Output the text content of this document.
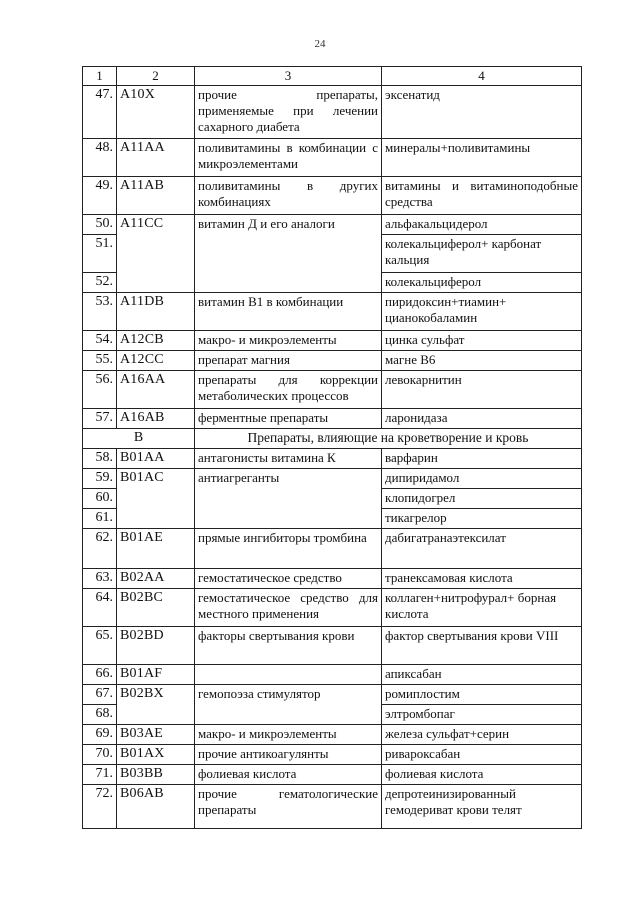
24
1	2	3	4
47.	A10X	прочие препараты, применяемые при лечении сахарного диабета	эксенатид
48.	A11AA	поливитамины в комбинации с микроэлементами	минералы+поливитамины
49.	A11AB	поливитамины в других комбинациях	витамины и витаминоподобные средства
50.	A11CC	витамин Д и его аналоги	альфакальцидерол
51.			колекальциферол+ карбонат кальция
52.			колекальциферол
53.	A11DB	витамин В1 в комбинации	пиридоксин+тиамин+ цианокобаламин
54.	A12CB	макро- и микроэлементы	цинка сульфат
55.	A12CC	препарат магния	магне В6
56.	A16AA	препараты для коррекции метаболических процессов	левокарнитин
57.	A16AB	ферментные препараты	ларонидаза
B		Препараты, влияющие на кроветворение и кровь	
58.	B01AA	антагонисты витамина К	варфарин
59.	B01AC	антиагреганты	дипиридамол
60.			клопидогрел
61.			тикагрелор
62.	B01AE	прямые ингибиторы тромбина	дабигатранаэтексилат
63.	B02AA	гемостатическое средство	транексамовая кислота
64.	B02BC	гемостатическое средство для местного применения	коллаген+нитрофурал+ борная кислота
65.	B02BD	факторы свертывания крови	фактор свертывания крови VIII
66.	B01AF		апиксабан
67.	B02BX	гемопоэза стимулятор	ромиплостим
68.			элтромбопаг
69.	B03AE	макро- и микроэлементы	железа сульфат+серин
70.	B01AX	прочие антикоагулянты	ривароксабан
71.	B03BB	фолиевая кислота	фолиевая кислота
72.	B06AB	прочие гематологические препараты	депротеинизированный гемодериват крови телят
